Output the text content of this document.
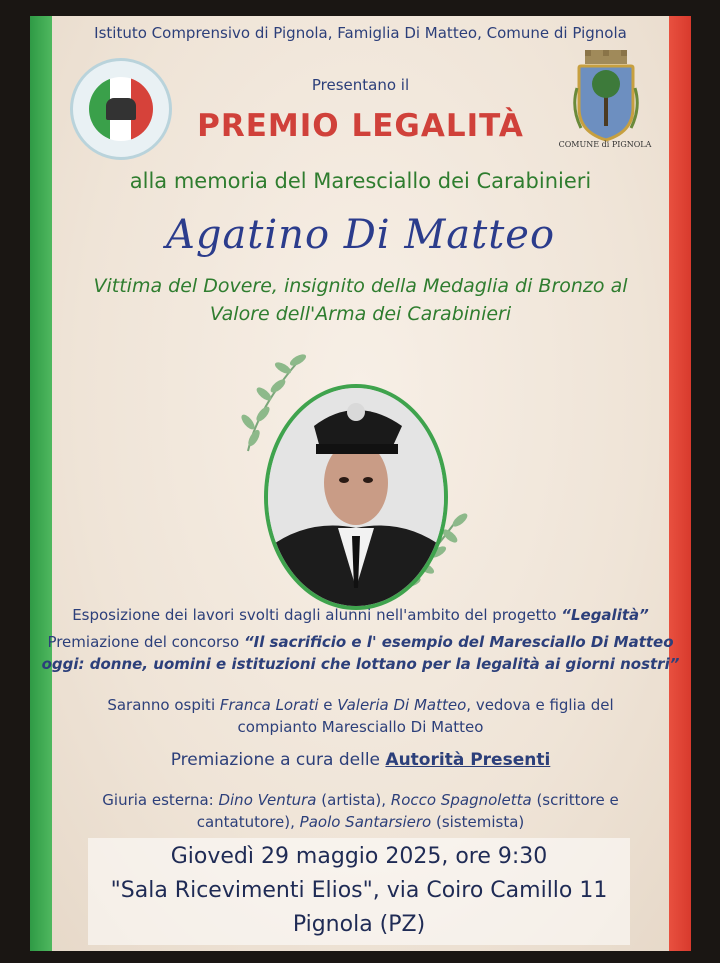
Istituto Comprensivo di Pignola, Famiglia Di Matteo, Comune di Pignola
COMUNE di PIGNOLA
Presentano il
PREMIO LEGALITÀ
alla memoria del Maresciallo dei Carabinieri
Agatino Di Matteo
Vittima del Dovere, insignito della Medaglia di Bronzo al
Valore dell'Arma dei Carabinieri
Esposizione dei lavori svolti dagli alunni nell'ambito del progetto “Legalità”
Premiazione del concorso “Il sacrificio e l' esempio del Maresciallo Di Matteo
oggi: donne, uomini e istituzioni che lottano per la legalità ai giorni nostri”
Saranno ospiti Franca Lorati e Valeria Di Matteo, vedova e figlia del
compianto Maresciallo Di Matteo
Premiazione a cura delle Autorità Presenti
Giuria esterna: Dino Ventura (artista), Rocco Spagnoletta (scrittore e
cantatutore), Paolo Santarsiero (sistemista)
Giovedì 29 maggio 2025, ore 9:30
"Sala Ricevimenti Elios", via Coiro Camillo 11
Pignola (PZ)
